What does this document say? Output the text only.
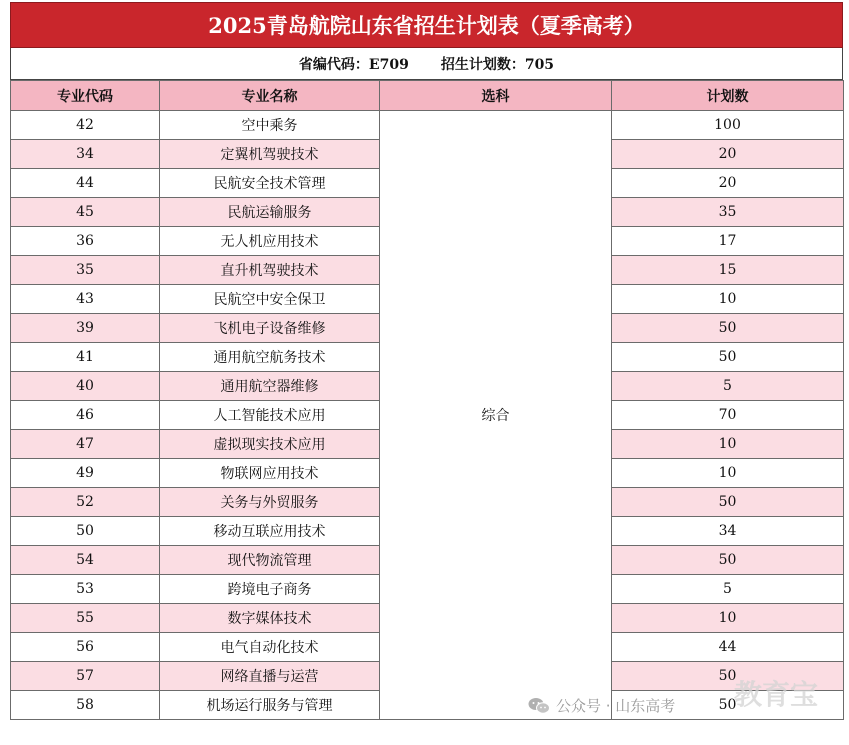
2025青岛航院山东省招生计划表（夏季高考）
省编代码：E709 招生计划数：705
专业代码	专业名称	选科	计划数
42	空中乘务	综合	100
34	定翼机驾驶技术		20
44	民航安全技术管理		20
45	民航运输服务		35
36	无人机应用技术		17
35	直升机驾驶技术		15
43	民航空中安全保卫		10
39	飞机电子设备维修		50
41	通用航空航务技术		50
40	通用航空器维修		5
46	人工智能技术应用		70
47	虚拟现实技术应用		10
49	物联网应用技术		10
52	关务与外贸服务		50
50	移动互联应用技术		34
54	现代物流管理		50
53	跨境电子商务		5
55	数字媒体技术		10
56	电气自动化技术		44
57	网络直播与运营		50
58	机场运行服务与管理		50
公众号 · 山东高考 教育宝
